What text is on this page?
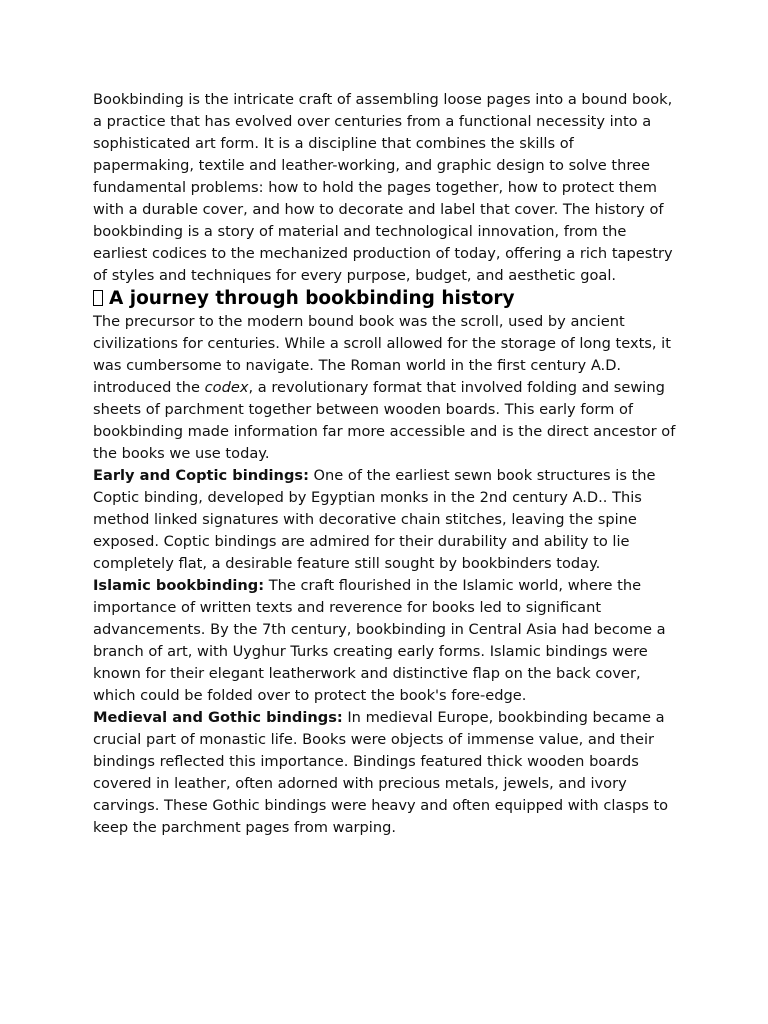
Bookbinding is the intricate craft of assembling loose pages into a bound book, a practice that has evolved over centuries from a functional necessity into a sophisticated art form. It is a discipline that combines the skills of papermaking, textile and leather-working, and graphic design to solve three fundamental problems: how to hold the pages together, how to protect them with a durable cover, and how to decorate and label that cover. The history of bookbinding is a story of material and technological innovation, from the earliest codices to the mechanized production of today, offering a rich tapestry of styles and techniques for every purpose, budget, and aesthetic goal.

A journey through bookbinding history

The precursor to the modern bound book was the scroll, used by ancient civilizations for centuries. While a scroll allowed for the storage of long texts, it was cumbersome to navigate. The Roman world in the first century A.D. introduced the codex, a revolutionary format that involved folding and sewing sheets of parchment together between wooden boards. This early form of bookbinding made information far more accessible and is the direct ancestor of the books we use today.

Early and Coptic bindings: One of the earliest sewn book structures is the Coptic binding, developed by Egyptian monks in the 2nd century A.D.. This method linked signatures with decorative chain stitches, leaving the spine exposed. Coptic bindings are admired for their durability and ability to lie completely flat, a desirable feature still sought by bookbinders today.

Islamic bookbinding: The craft flourished in the Islamic world, where the importance of written texts and reverence for books led to significant advancements. By the 7th century, bookbinding in Central Asia had become a branch of art, with Uyghur Turks creating early forms. Islamic bindings were known for their elegant leatherwork and distinctive flap on the back cover, which could be folded over to protect the book's fore-edge.

Medieval and Gothic bindings: In medieval Europe, bookbinding became a crucial part of monastic life. Books were objects of immense value, and their bindings reflected this importance. Bindings featured thick wooden boards covered in leather, often adorned with precious metals, jewels, and ivory carvings. These Gothic bindings were heavy and often equipped with clasps to keep the parchment pages from warping.
